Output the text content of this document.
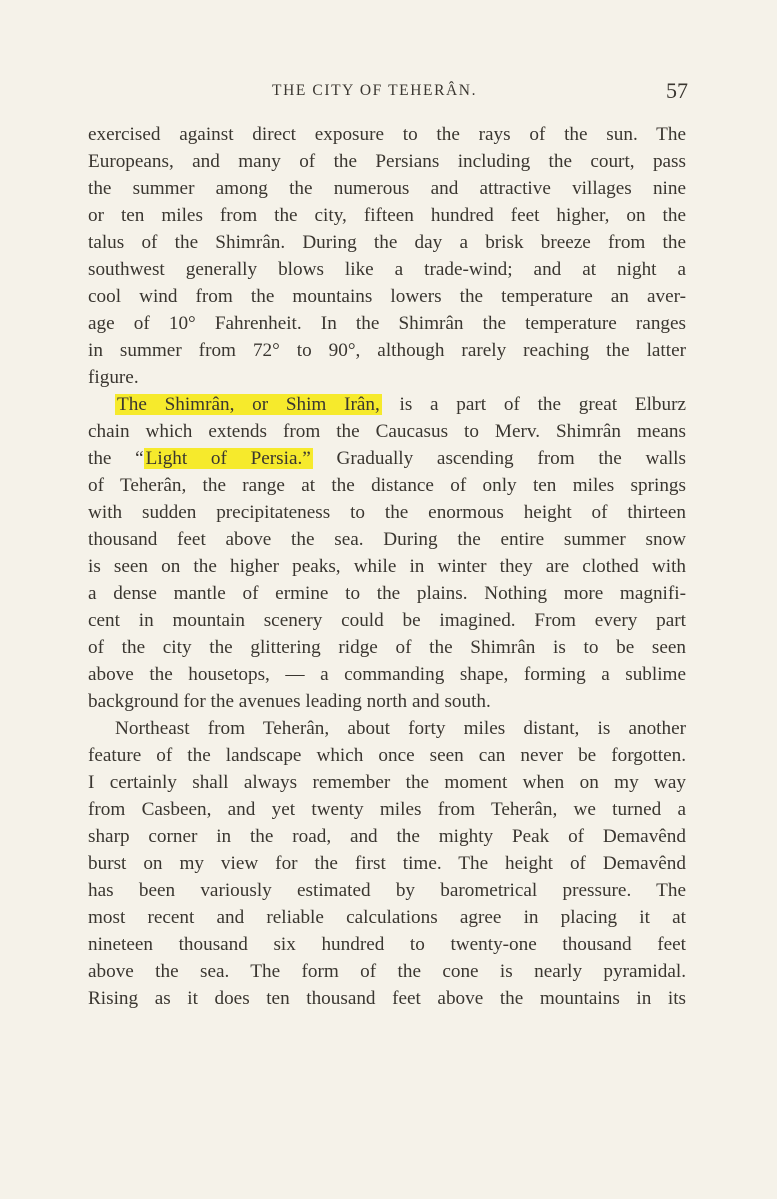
THE CITY OF TEHERÂN.	57
exercised against direct exposure to the rays of the sun. The
Europeans, and many of the Persians including the court, pass
the summer among the numerous and attractive villages nine
or ten miles from the city, fifteen hundred feet higher, on the
talus of the Shimrân. During the day a brisk breeze from the
southwest generally blows like a trade-wind; and at night a
cool wind from the mountains lowers the temperature an aver-
age of 10° Fahrenheit. In the Shimrân the temperature ranges
in summer from 72° to 90°, although rarely reaching the latter
figure.
The Shimrân, or Shim Irân, is a part of the great Elburz
chain which extends from the Caucasus to Merv. Shimrân means
the “ Light of Persia.” Gradually ascending from the walls
of Teherân, the range at the distance of only ten miles springs
with sudden precipitateness to the enormous height of thirteen
thousand feet above the sea. During the entire summer snow
is seen on the higher peaks, while in winter they are clothed with
a dense mantle of ermine to the plains. Nothing more magnifi-
cent in mountain scenery could be imagined. From every part
of the city the glittering ridge of the Shimrân is to be seen
above the housetops, — a commanding shape, forming a sublime
background for the avenues leading north and south.
Northeast from Teherân, about forty miles distant, is another
feature of the landscape which once seen can never be forgotten.
I certainly shall always remember the moment when on my way
from Casbeen, and yet twenty miles from Teherân, we turned a
sharp corner in the road, and the mighty Peak of Demavênd
burst on my view for the first time. The height of Demavênd
has been variously estimated by barometrical pressure. The
most recent and reliable calculations agree in placing it at
nineteen thousand six hundred to twenty-one thousand feet
above the sea. The form of the cone is nearly pyramidal.
Rising as it does ten thousand feet above the mountains in its
